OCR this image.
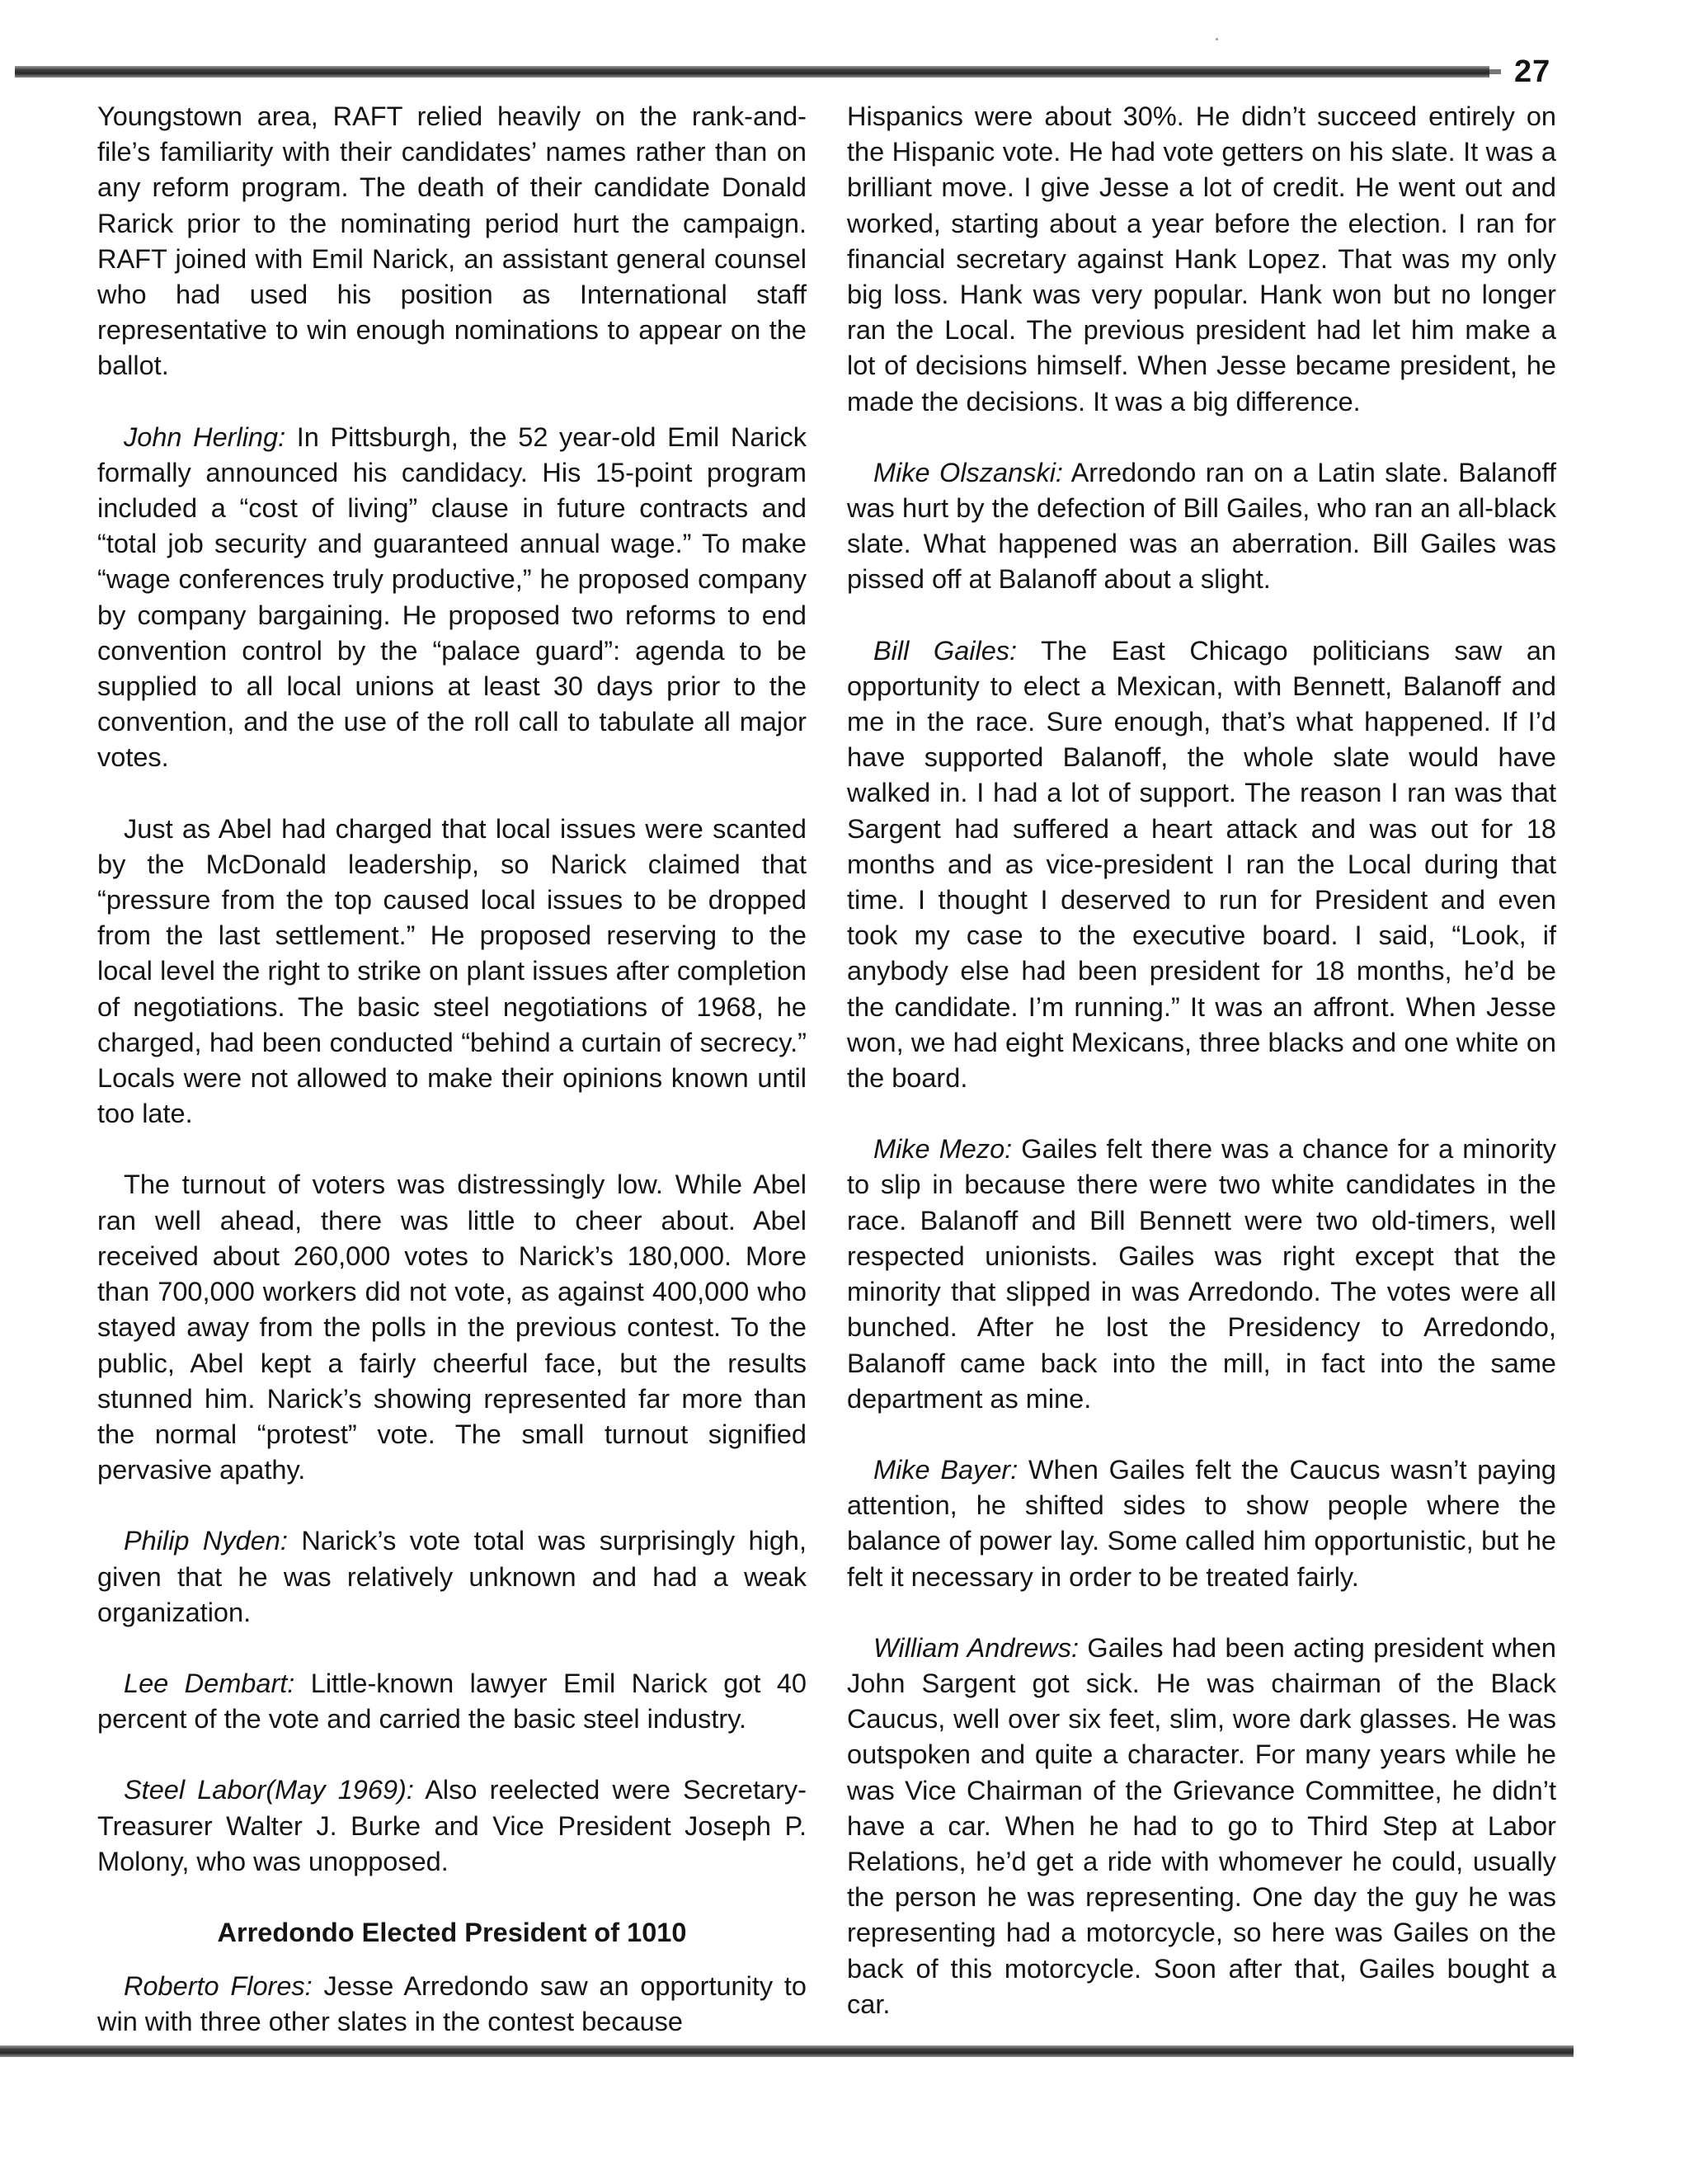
27

Youngstown area, RAFT relied heavily on the rank-and-file’s familiarity with their candidates’ names rather than on any reform program. The death of their candidate Donald Rarick prior to the nominating period hurt the campaign. RAFT joined with Emil Narick, an assistant general counsel who had used his position as International staff representative to win enough nominations to appear on the ballot.

John Herling: In Pittsburgh, the 52 year-old Emil Narick formally announced his candidacy. His 15-point program included a “cost of living” clause in future contracts and “total job security and guaranteed annual wage.” To make “wage conferences truly productive,” he proposed company by company bargaining. He proposed two reforms to end convention control by the “palace guard”: agenda to be supplied to all local unions at least 30 days prior to the convention, and the use of the roll call to tabulate all major votes.

Just as Abel had charged that local issues were scanted by the McDonald leadership, so Narick claimed that “pressure from the top caused local issues to be dropped from the last settlement.” He proposed reserving to the local level the right to strike on plant issues after completion of negotiations. The basic steel negotiations of 1968, he charged, had been conducted “behind a curtain of secrecy.” Locals were not allowed to make their opinions known until too late.

The turnout of voters was distressingly low. While Abel ran well ahead, there was little to cheer about. Abel received about 260,000 votes to Narick’s 180,000. More than 700,000 workers did not vote, as against 400,000 who stayed away from the polls in the previous contest. To the public, Abel kept a fairly cheerful face, but the results stunned him. Narick’s showing represented far more than the normal “protest” vote. The small turnout signified pervasive apathy.

Philip Nyden: Narick’s vote total was surprisingly high, given that he was relatively unknown and had a weak organization.

Lee Dembart: Little-known lawyer Emil Narick got 40 percent of the vote and carried the basic steel industry.

Steel Labor(May 1969): Also reelected were Secretary-Treasurer Walter J. Burke and Vice President Joseph P. Molony, who was unopposed.

Arredondo Elected President of 1010

Roberto Flores: Jesse Arredondo saw an opportunity to win with three other slates in the contest because

Hispanics were about 30%. He didn’t succeed entirely on the Hispanic vote. He had vote getters on his slate. It was a brilliant move. I give Jesse a lot of credit. He went out and worked, starting about a year before the election. I ran for financial secretary against Hank Lopez. That was my only big loss. Hank was very popular. Hank won but no longer ran the Local. The previous president had let him make a lot of decisions himself. When Jesse became president, he made the decisions. It was a big difference.

Mike Olszanski: Arredondo ran on a Latin slate. Balanoff was hurt by the defection of Bill Gailes, who ran an all-black slate. What happened was an aberration. Bill Gailes was pissed off at Balanoff about a slight.

Bill Gailes: The East Chicago politicians saw an opportunity to elect a Mexican, with Bennett, Balanoff and me in the race. Sure enough, that’s what happened. If I’d have supported Balanoff, the whole slate would have walked in. I had a lot of support. The reason I ran was that Sargent had suffered a heart attack and was out for 18 months and as vice-president I ran the Local during that time. I thought I deserved to run for President and even took my case to the executive board. I said, “Look, if anybody else had been president for 18 months, he’d be the candidate. I’m running.” It was an affront. When Jesse won, we had eight Mexicans, three blacks and one white on the board.

Mike Mezo: Gailes felt there was a chance for a minority to slip in because there were two white candidates in the race. Balanoff and Bill Bennett were two old-timers, well respected unionists. Gailes was right except that the minority that slipped in was Arredondo. The votes were all bunched. After he lost the Presidency to Arredondo, Balanoff came back into the mill, in fact into the same department as mine.

Mike Bayer: When Gailes felt the Caucus wasn’t paying attention, he shifted sides to show people where the balance of power lay. Some called him opportunistic, but he felt it necessary in order to be treated fairly.

William Andrews: Gailes had been acting president when John Sargent got sick. He was chairman of the Black Caucus, well over six feet, slim, wore dark glasses. He was outspoken and quite a character. For many years while he was Vice Chairman of the Grievance Committee, he didn’t have a car. When he had to go to Third Step at Labor Relations, he’d get a ride with whomever he could, usually the person he was representing. One day the guy he was representing had a motorcycle, so here was Gailes on the back of this motorcycle. Soon after that, Gailes bought a car.
